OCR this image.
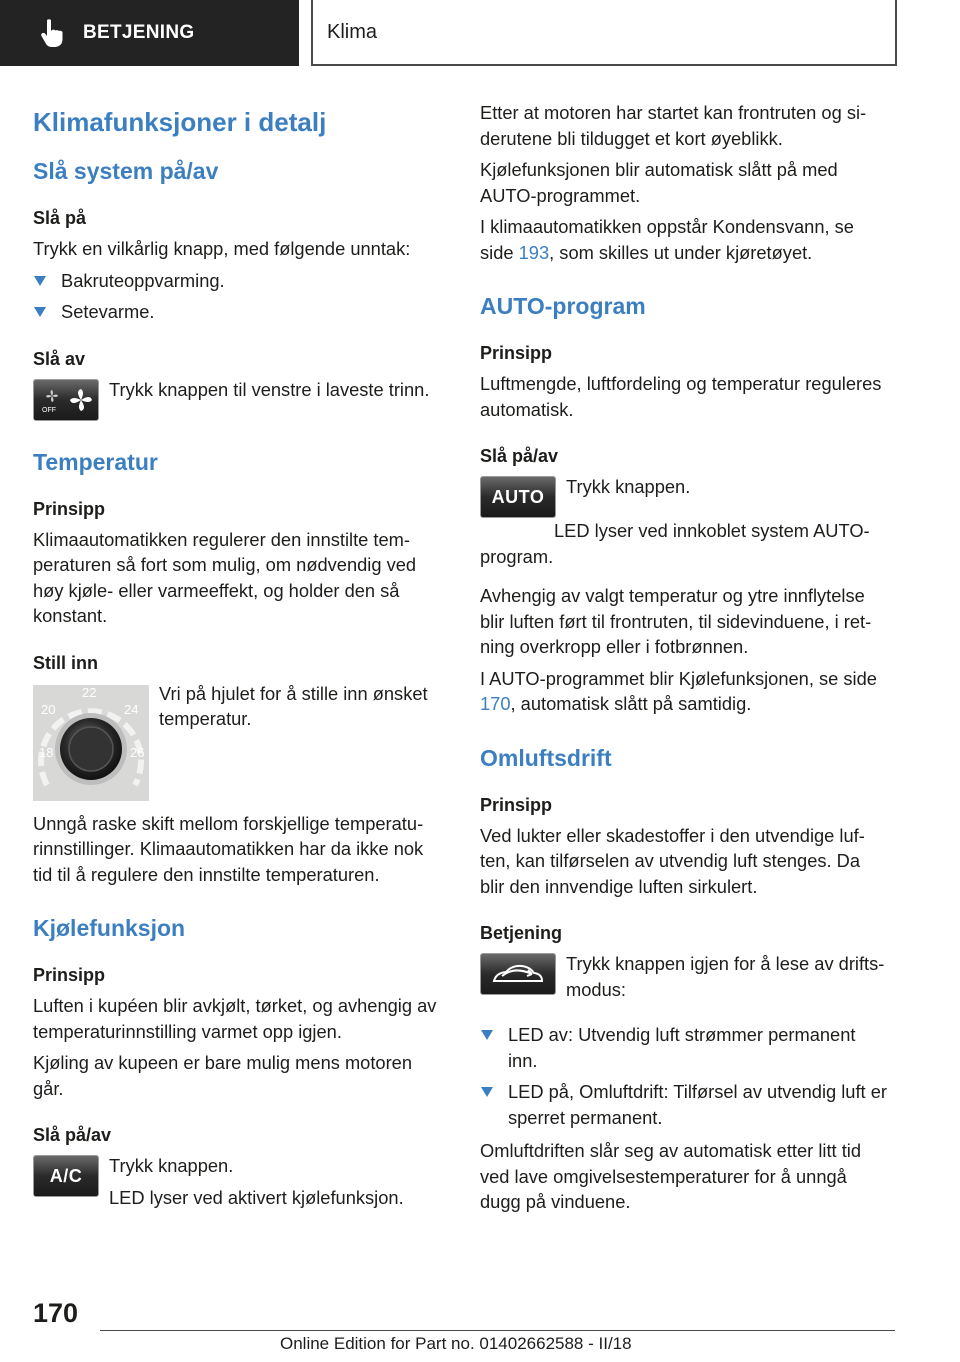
BETJENING	Klima
Klimafunksjoner i detalj
Slå system på/av
Slå på

Trykk en vilkårlig knapp, med følgende unntak:

Bakruteoppvarming.
Setevarme.
Slå av
OFF

Trykk knappen til venstre i laveste trinn.

Temperatur
Prinsipp

Klimaautomatikken regulerer den innstilte temperaturen så fort som mulig, om nødvendig ved høy kjøle- eller varmeeffekt, og holder den så konstant.

Still inn
18
20
22
24
26

Vri på hjulet for å stille inn ønsket temperatur.

Unngå raske skift mellom forskjellige temperaturinnstillinger. Klimaautomatikken har da ikke nok tid til å regulere den innstilte temperaturen.

Kjølefunksjon
Prinsipp

Luften i kupéen blir avkjølt, tørket, og avhengig av temperaturinnstilling varmet opp igjen.

Kjøling av kupeen er bare mulig mens motoren går.

Slå på/av
A/C Trykk knappen.

LED lyser ved aktivert kjølefunksjon.

Etter at motoren har startet kan frontruten og siderutene bli tildugget et kort øyeblikk.

Kjølefunksjonen blir automatisk slått på med AUTO-programmet.

I klimaautomatikken oppstår Kondensvann, se side 193, som skilles ut under kjøretøyet.

AUTO-program
Prinsipp

Luftmengde, luftfordeling og temperatur reguleres automatisk.

Slå på/av
AUTO Trykk knappen.

LED lyser ved innkoblet system AUTO-program.

Avhengig av valgt temperatur og ytre innflytelse blir luften ført til frontruten, til sidevinduene, i retning overkropp eller i fotbrønnen.

I AUTO-programmet blir Kjølefunksjonen, se side 170, automatisk slått på samtidig.

Omluftsdrift
Prinsipp

Ved lukter eller skadestoffer i den utvendige luften, kan tilførselen av utvendig luft stenges. Da blir den innvendige luften sirkulert.

Betjening

Trykk knappen igjen for å lese av driftsmodus:

LED av: Utvendig luft strømmer permanent inn.
LED på, Omluftdrift: Tilførsel av utvendig luft er sperret permanent.

Omluftdriften slår seg av automatisk etter litt tid ved lave omgivelsestemperaturer for å unngå dugg på vinduene.

170
Online Edition for Part no. 01402662588 - II/18
